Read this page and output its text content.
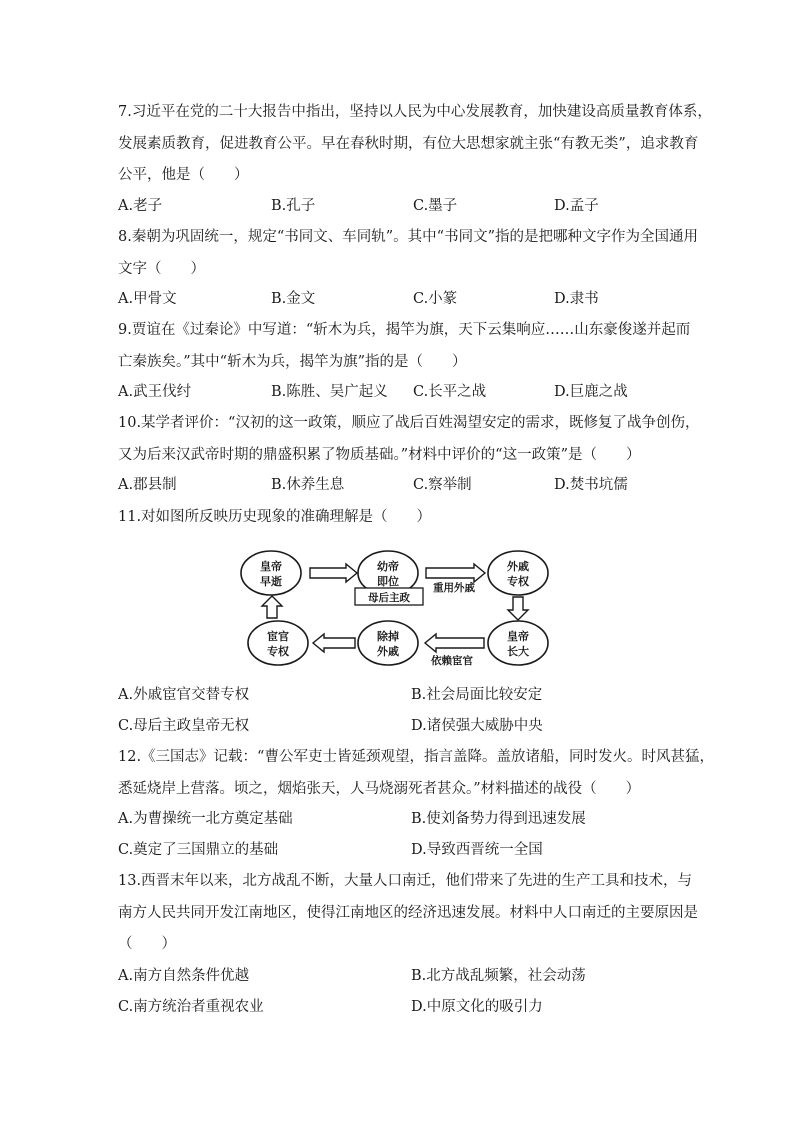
7.习近平在党的二十大报告中指出，坚持以人民为中心发展教育，加快建设高质量教育体系，
发展素质教育，促进教育公平。早在春秋时期，有位大思想家就主张“有教无类”，追求教育
公平，他是（　　）
A.老子	B.孔子	C.墨子	D.孟子
8.秦朝为巩固统一，规定“书同文、车同轨”。其中“书同文”指的是把哪种文字作为全国通用
文字（　　）
A.甲骨文	B.金文	C.小篆	D.隶书
9.贾谊在《过秦论》中写道：“斩木为兵，揭竿为旗，天下云集响应……山东豪俊遂并起而
亡秦族矣。”其中“斩木为兵，揭竿为旗”指的是（　　）
A.武王伐纣	B.陈胜、吴广起义 C.长平之战	D.巨鹿之战
10.某学者评价：“汉初的这一政策，顺应了战后百姓渴望安定的需求，既修复了战争创伤，
又为后来汉武帝时期的鼎盛积累了物质基础。”材料中评价的“这一政策”是（　　）
A.郡县制	B.休养生息	C.察举制	D.焚书坑儒
11.对如图所反映历史现象的准确理解是（　　）
皇帝
早逝
幼帝
即位
外戚
专权
皇帝
长大
除掉
外戚
宦官
专权
母后主政
重用外戚
依赖宦官
A.外戚宦官交替专权	B.社会局面比较安定
C.母后主政皇帝无权	D.诸侯强大威胁中央
12.《三国志》记载：“曹公军吏士皆延颈观望，指言盖降。盖放诸船，同时发火。时风甚猛，
悉延烧岸上营落。顷之，烟焰张天，人马烧溺死者甚众。”材料描述的战役（　　）
A.为曹操统一北方奠定基础	B.使刘备势力得到迅速发展
C.奠定了三国鼎立的基础	D.导致西晋统一全国
13.西晋末年以来，北方战乱不断，大量人口南迁，他们带来了先进的生产工具和技术，与
南方人民共同开发江南地区，使得江南地区的经济迅速发展。材料中人口南迁的主要原因是
（　　）
A.南方自然条件优越	B.北方战乱频繁，社会动荡
C.南方统治者重视农业	D.中原文化的吸引力
